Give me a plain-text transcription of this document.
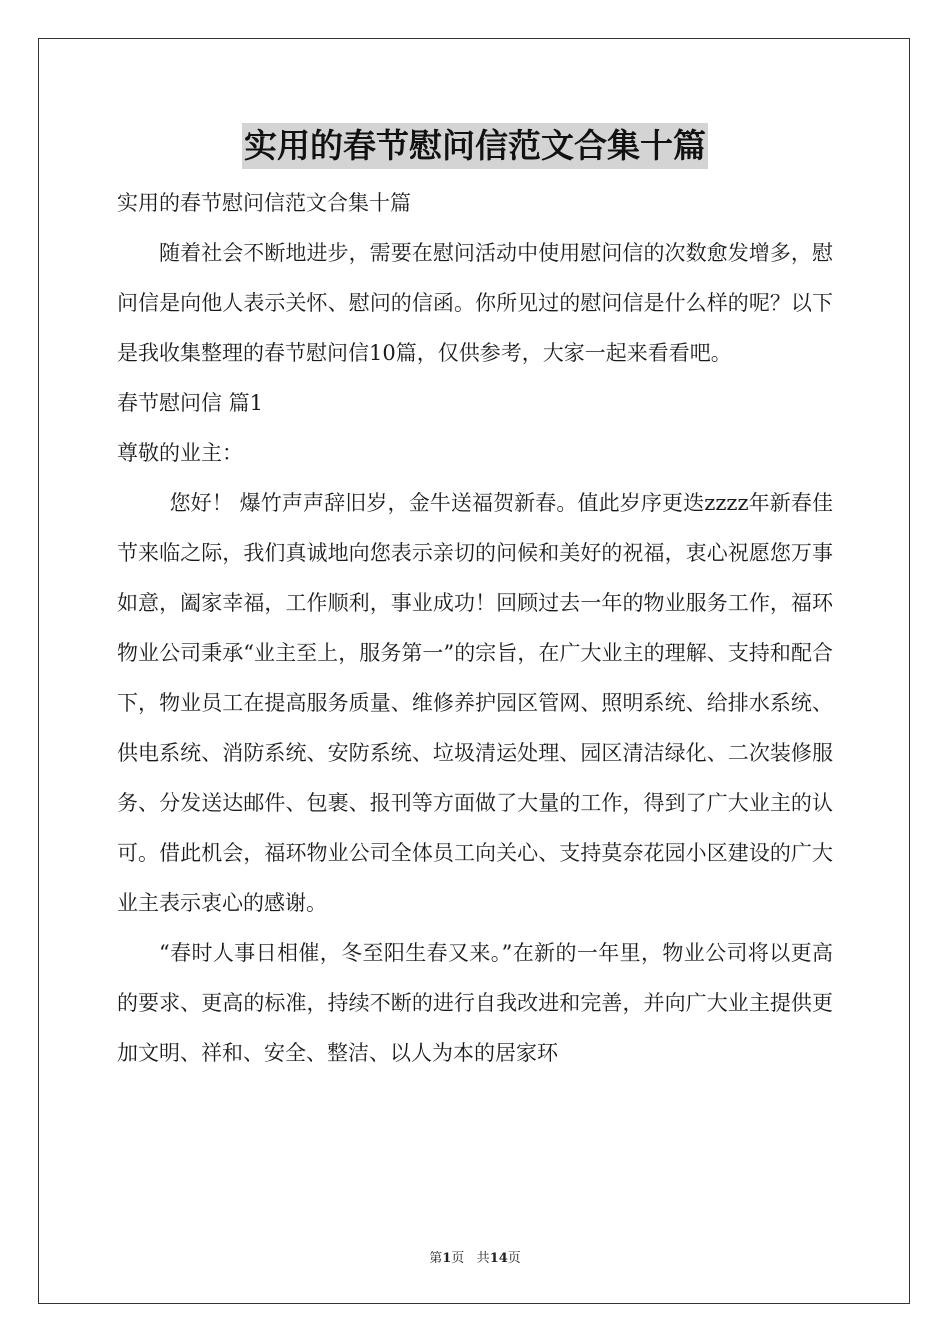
实用的春节慰问信范文合集十篇

实用的春节慰问信范文合集十篇

随着社会不断地进步，需要在慰问活动中使用慰问信的次数愈发增多，慰问信是向他人表示关怀、慰问的信函。你所见过的慰问信是什么样的呢？以下是我收集整理的春节慰问信10篇，仅供参考，大家一起来看看吧。

春节慰问信 篇1

尊敬的业主：

您好！ 爆竹声声辞旧岁，金牛送福贺新春。值此岁序更迭zzzz年新春佳节来临之际，我们真诚地向您表示亲切的问候和美好的祝福，衷心祝愿您万事如意，阖家幸福，工作顺利，事业成功！回顾过去一年的物业服务工作，福环物业公司秉承“业主至上，服务第一”的宗旨，在广大业主的理解、支持和配合下，物业员工在提高服务质量、维修养护园区管网、照明系统、给排水系统、供电系统、消防系统、安防系统、垃圾清运处理、园区清洁绿化、二次装修服务、分发送达邮件、包裹、报刊等方面做了大量的工作，得到了广大业主的认可。借此机会，福环物业公司全体员工向关心、支持莫奈花园小区建设的广大业主表示衷心的感谢。

“春时人事日相催，冬至阳生春又来。”在新的一年里，物业公司将以更高的要求、更高的标准，持续不断的进行自我改进和完善，并向广大业主提供更加文明、祥和、安全、整洁、以人为本的居家环

第1页 共14页
